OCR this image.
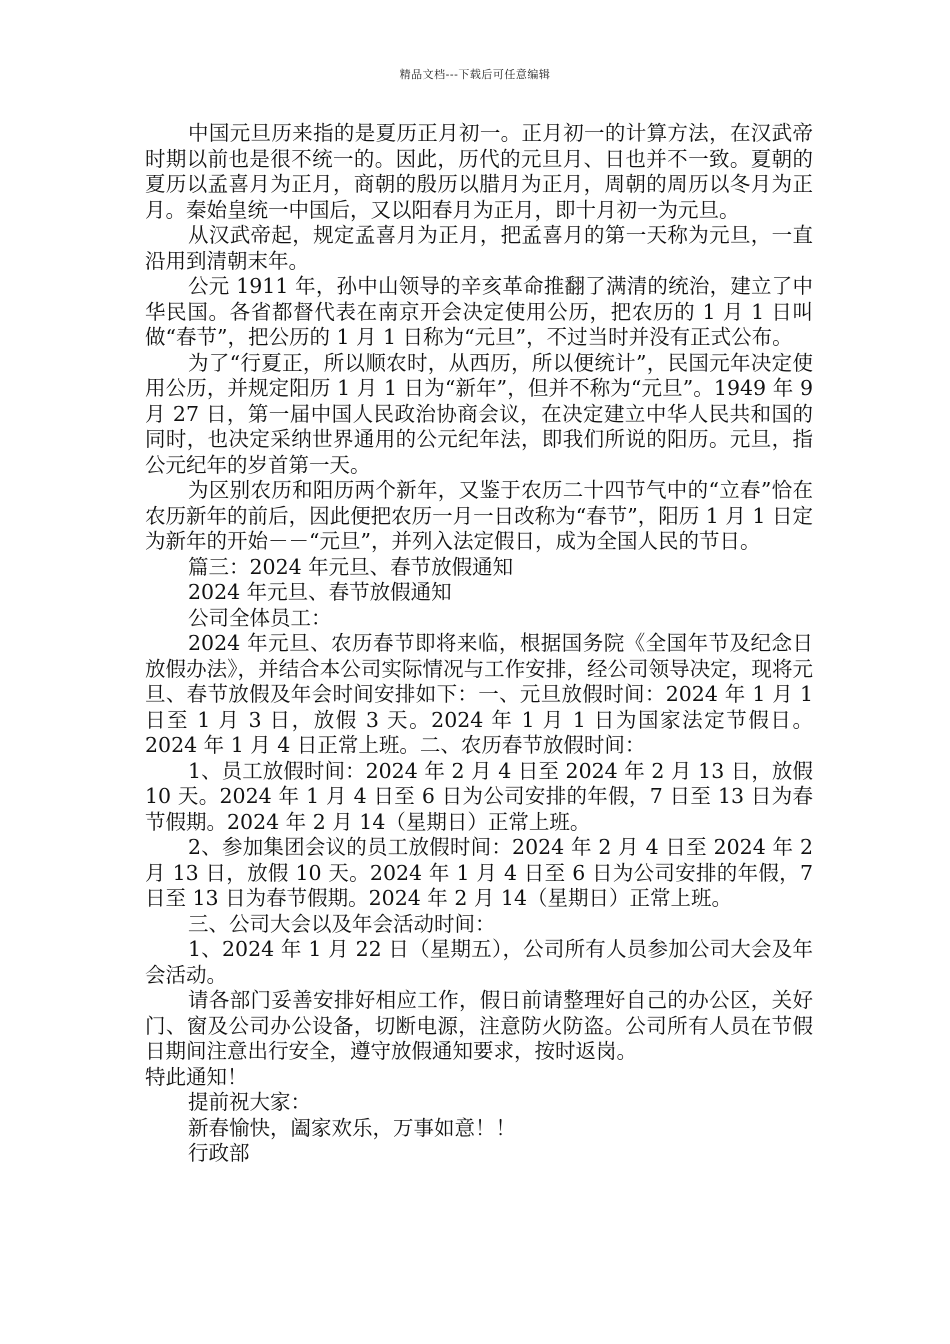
精品文档---下载后可任意编辑

中国元旦历来指的是夏历正月初一。正月初一的计算方法，在汉武帝时期以前也是很不统一的。因此，历代的元旦月、日也并不一致。夏朝的夏历以孟喜月为正月，商朝的殷历以腊月为正月，周朝的周历以冬月为正月。秦始皇统一中国后，又以阳春月为正月，即十月初一为元旦。

从汉武帝起，规定孟喜月为正月，把孟喜月的第一天称为元旦，一直沿用到清朝末年。

公元 1911 年，孙中山领导的辛亥革命推翻了满清的统治，建立了中华民国。各省都督代表在南京开会决定使用公历，把农历的 1 月 1 日叫做“春节”，把公历的 1 月 1 日称为“元旦”，不过当时并没有正式公布。

为了“行夏正，所以顺农时，从西历，所以便统计”，民国元年决定使用公历，并规定阳历 1 月 1 日为“新年”，但并不称为“元旦”。1949 年 9 月 27 日，第一届中国人民政治协商会议，在决定建立中华人民共和国的同时，也决定采纳世界通用的公元纪年法，即我们所说的阳历。元旦，指公元纪年的岁首第一天。

为区别农历和阳历两个新年，又鉴于农历二十四节气中的“立春”恰在农历新年的前后，因此便把农历一月一日改称为“春节”，阳历 1 月 1 日定为新年的开始－－“元旦”，并列入法定假日，成为全国人民的节日。

篇三：2024 年元旦、春节放假通知

2024 年元旦、春节放假通知

公司全体员工：

2024 年元旦、农历春节即将来临，根据国务院《全国年节及纪念日放假办法》，并结合本公司实际情况与工作安排，经公司领导决定，现将元旦、春节放假及年会时间安排如下：一、元旦放假时间：2024 年 1 月 1 日至 1 月 3 日，放假 3 天。2024 年 1 月 1 日为国家法定节假日。2024 年 1 月 4 日正常上班。二、农历春节放假时间：

1、员工放假时间：2024 年 2 月 4 日至 2024 年 2 月 13 日，放假 10 天。2024 年 1 月 4 日至 6 日为公司安排的年假，7 日至 13 日为春节假期。2024 年 2 月 14（星期日）正常上班。

2、参加集团会议的员工放假时间：2024 年 2 月 4 日至 2024 年 2 月 13 日，放假 10 天。2024 年 1 月 4 日至 6 日为公司安排的年假，7 日至 13 日为春节假期。2024 年 2 月 14（星期日）正常上班。

三、公司大会以及年会活动时间：

1、2024 年 1 月 22 日（星期五），公司所有人员参加公司大会及年会活动。

请各部门妥善安排好相应工作，假日前请整理好自己的办公区，关好门、窗及公司办公设备，切断电源，注意防火防盗。公司所有人员在节假日期间注意出行安全，遵守放假通知要求，按时返岗。

特此通知！

提前祝大家：

新春愉快，阖家欢乐，万事如意！！

行政部
